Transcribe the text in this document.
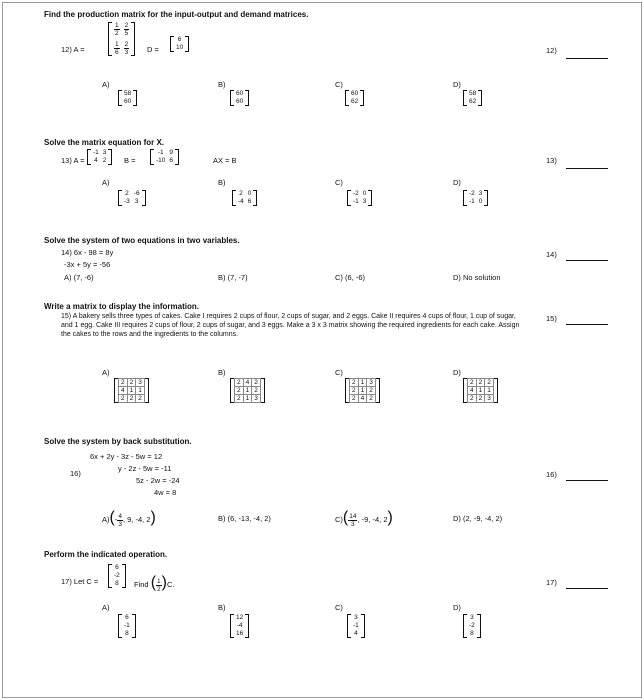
Find the production matrix for the input-output and demand matrices.
12) A =
$\frac{1}{2}$	$\frac{2}{5}$

$\frac{1}{6}$	$\frac{2}{3}$ D =
6
10	12)
A)
58
60
B)
60
60
C)
60
62
D)
58
62
Solve the matrix equation for X.
13) A =
-1	3
4	2 B =
-1	9
-10	6	AX = B	13)
A)
2	-6
-3	3
B)
2	0
-4	6
C)
-2	0
-1	3
D)
-2	3
-1	0
Solve the system of two equations in two variables.
14) 6x - 98 = 8y
-3x + 5y = -56
14)
A) (7, -6)	B) (7, -7)	C) (6, -6)	D) No solution
Write a matrix to display the information.
15) A bakery sells three types of cakes. Cake I requires 2 cups of flour, 2 cups of sugar, and 2 eggs. Cake II requires 4 cups of flour, 1 cup of sugar, and 1 egg. Cake III requires 2 cups of flour, 2 cups of sugar, and 3 eggs. Make a 3 x 3 matrix showing the required ingredients for each cake. Assign the cakes to the rows and the ingredients to the columns.
15)
A)
2	2	3
4	1	1
2	2	2
B)
2	4	2
2	1	2
2	1	3
C)
2	1	3
2	1	2
2	4	2
D)
2	2	2
4	1	1
2	2	3
Solve the system by back substitution.
16)
6x + 2y - 3z - 5w = 12
y - 2z - 5w = -11
5z - 2w = -24
4w = 8
16)
$A)(- \frac{4}{3}$ , 9, -4, 2)	B) (6, -13, -4, 2)	$C)( \frac{14}{3}$ , -9, -4, 2)	D) (2, -9, -4, 2)
Perform the indicated operation.
17) Let C =
6
-2
8 Find ( $\frac{1}{2} )C$.	17)
A)
6
-1
8
B)
12
-4
16
C)
3
-1
4
D)
3
-2
8
